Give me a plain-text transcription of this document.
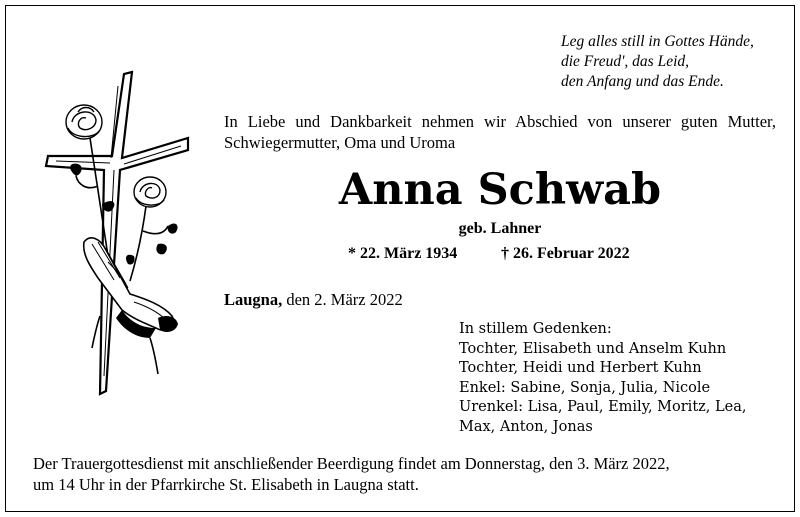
Leg alles still in Gottes Hände,
die Freud', das Leid,
den Anfang und das Ende.
In Liebe und Dankbarkeit nehmen wir Abschied von unserer guten Mutter, Schwiegermutter, Oma und Uroma
Anna Schwab
geb. Lahner
* 22. März 1934	† 26. Februar 2022
Laugna, den 2. März 2022
In stillem Gedenken:
Tochter, Elisabeth und Anselm Kuhn
Tochter, Heidi und Herbert Kuhn
Enkel: Sabine, Sonja, Julia, Nicole
Urenkel: Lisa, Paul, Emily, Moritz, Lea,
Max, Anton, Jonas
Der Trauergottesdienst mit anschließender Beerdigung findet am Donnerstag, den 3. März 2022,
um 14 Uhr in der Pfarrkirche St. Elisabeth in Laugna statt.
